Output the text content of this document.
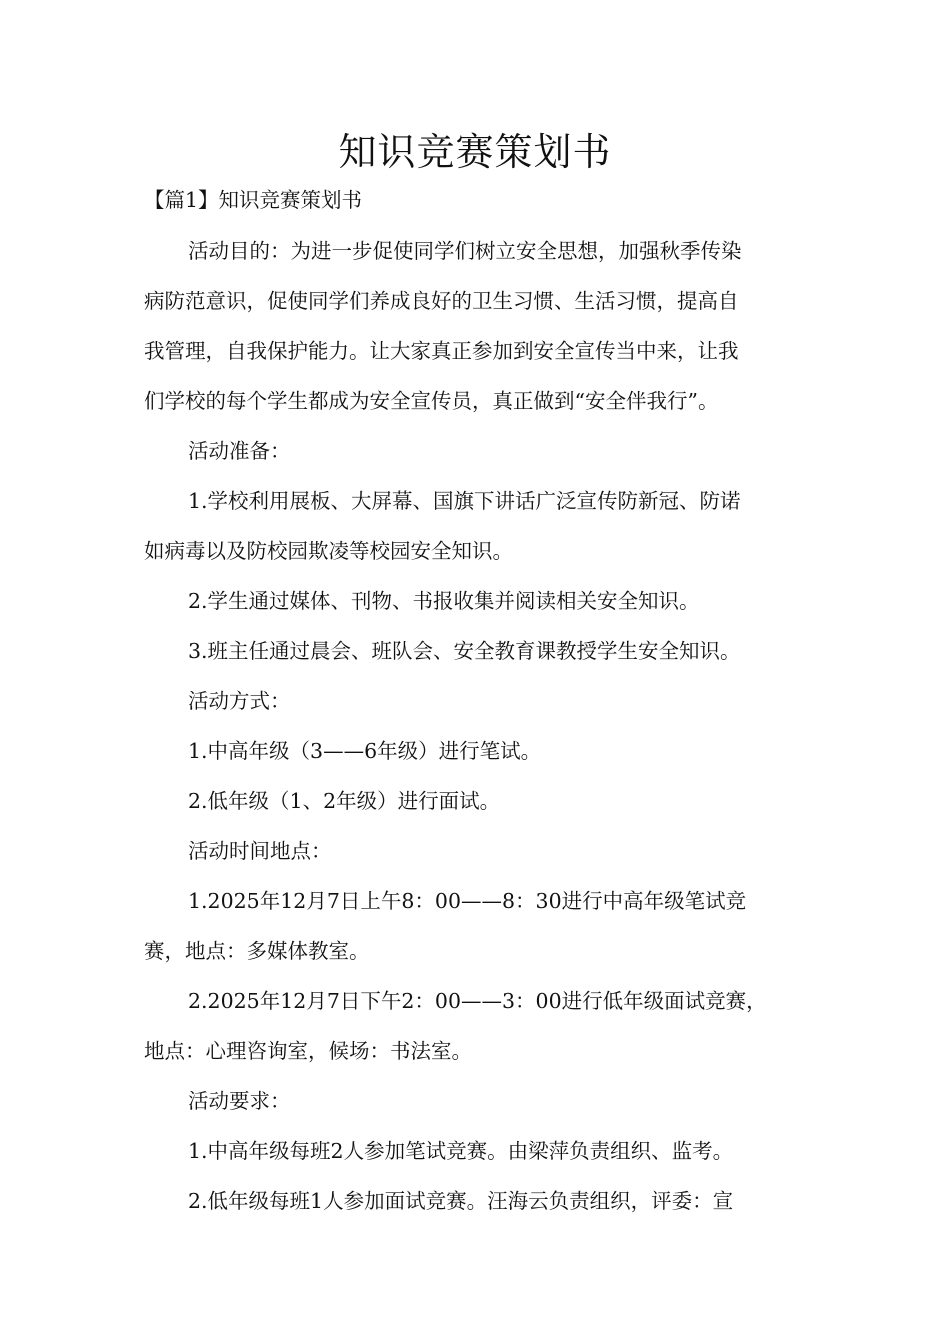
知识竞赛策划书
【篇1】知识竞赛策划书
活动目的：为进一步促使同学们树立安全思想，加强秋季传染
病防范意识，促使同学们养成良好的卫生习惯、生活习惯，提高自
我管理，自我保护能力。让大家真正参加到安全宣传当中来，让我
们学校的每个学生都成为安全宣传员，真正做到“安全伴我行”。
活动准备：
1.学校利用展板、大屏幕、国旗下讲话广泛宣传防新冠、防诺
如病毒以及防校园欺凌等校园安全知识。
2.学生通过媒体、刊物、书报收集并阅读相关安全知识。
3.班主任通过晨会、班队会、安全教育课教授学生安全知识。
活动方式：
1.中高年级（3——6年级）进行笔试。
2.低年级（1、2年级）进行面试。
活动时间地点：
1.2025年12月7日上午8：00——8：30进行中高年级笔试竞
赛，地点：多媒体教室。
2.2025年12月7日下午2：00——3：00进行低年级面试竞赛，
地点：心理咨询室，候场：书法室。
活动要求：
1.中高年级每班2人参加笔试竞赛。由梁萍负责组织、监考。
2.低年级每班1人参加面试竞赛。汪海云负责组织，评委：宣
